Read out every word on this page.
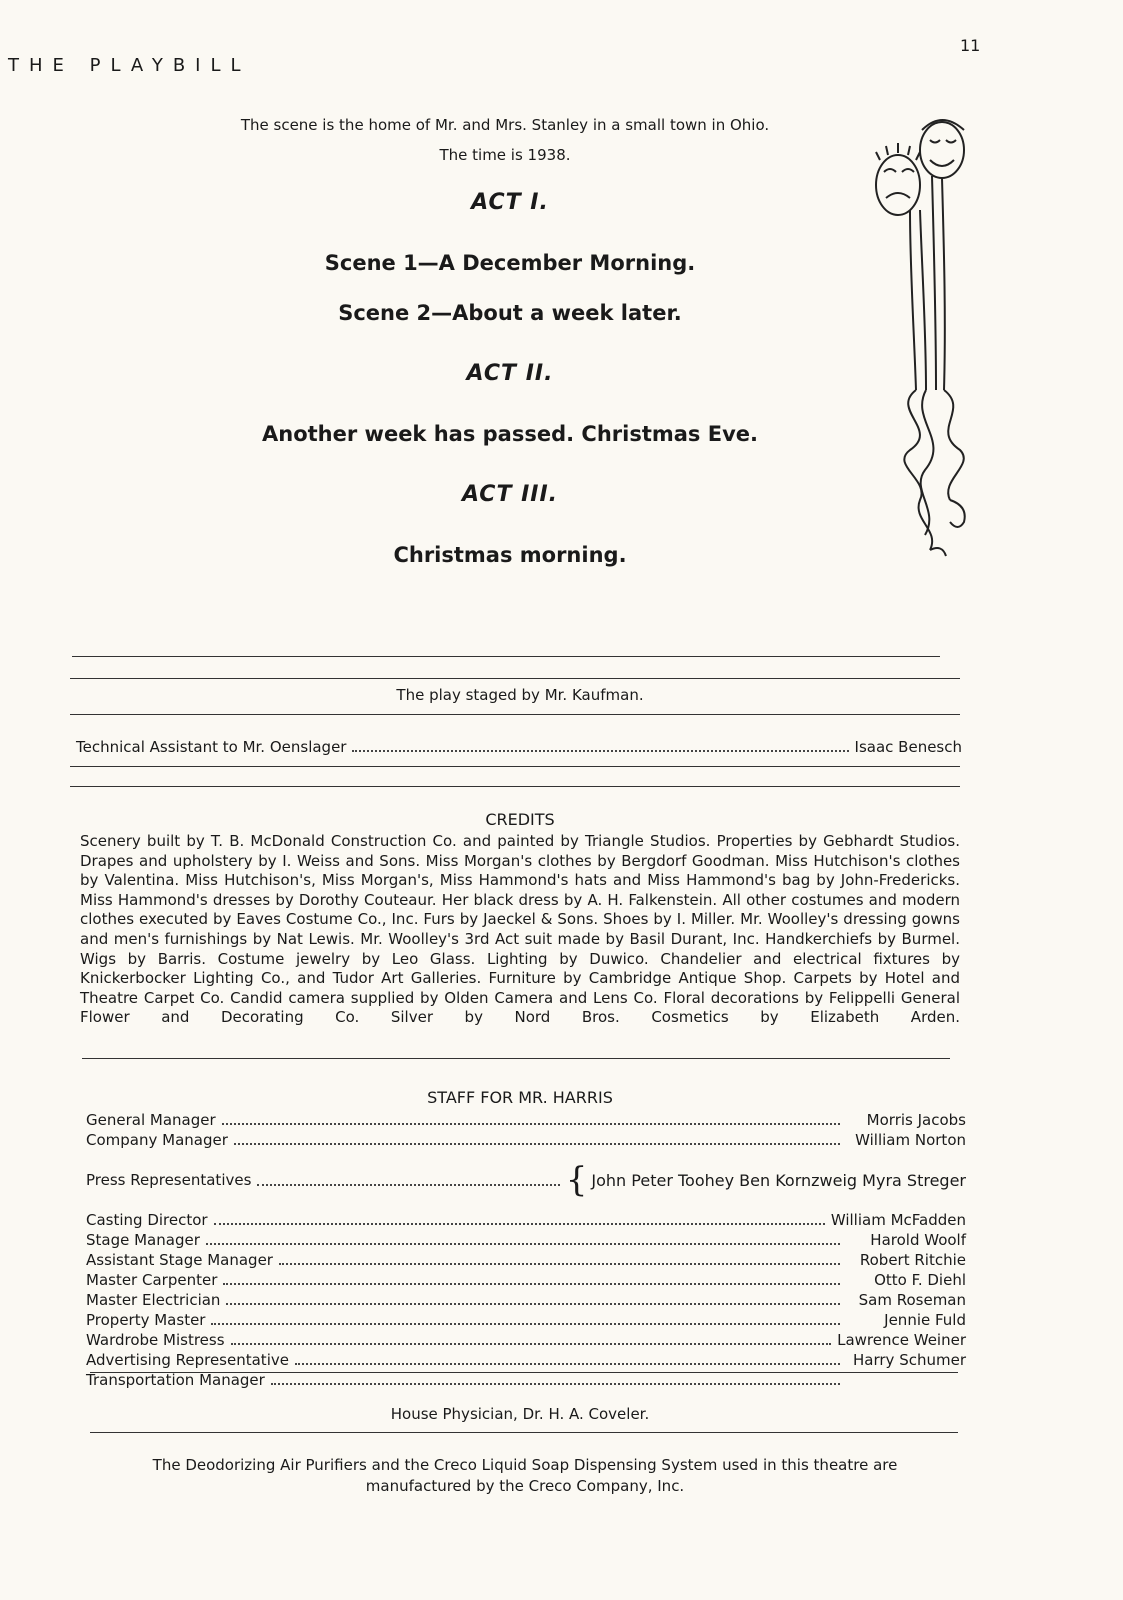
THE PLAYBILL
11
The scene is the home of Mr. and Mrs. Stanley in a small town in Ohio.
The time is 1938.
ACT I.
Scene 1—A December Morning.
Scene 2—About a week later.
ACT II.
Another week has passed. Christmas Eve.
ACT III.
Christmas morning.
The play staged by Mr. Kaufman.
Technical Assistant to Mr. Oenslager	Isaac Benesch
CREDITS
Scenery built by T. B. McDonald Construction Co. and painted by Triangle Studios. Properties by Gebhardt Studios. Drapes and upholstery by I. Weiss and Sons. Miss Morgan's clothes by Bergdorf Goodman. Miss Hutchison's clothes by Valentina. Miss Hutchison's, Miss Morgan's, Miss Hammond's hats and Miss Hammond's bag by John-Fredericks. Miss Hammond's dresses by Dorothy Couteaur. Her black dress by A. H. Falkenstein. All other costumes and modern clothes executed by Eaves Costume Co., Inc. Furs by Jaeckel & Sons. Shoes by I. Miller. Mr. Woolley's dressing gowns and men's furnishings by Nat Lewis. Mr. Woolley's 3rd Act suit made by Basil Durant, Inc. Handkerchiefs by Burmel. Wigs by Barris. Costume jewelry by Leo Glass. Lighting by Duwico. Chandelier and electrical fixtures by Knickerbocker Lighting Co., and Tudor Art Galleries. Furniture by Cambridge Antique Shop. Carpets by Hotel and Theatre Carpet Co. Candid camera supplied by Olden Camera and Lens Co. Floral decorations by Felippelli General Flower and Decorating Co. Silver by Nord Bros. Cosmetics by Elizabeth Arden.
STAFF FOR MR. HARRIS
General Manager	Morris Jacobs
Company Manager	William Norton
Press Representatives	{ John Peter Toohey Ben Kornzweig Myra Streger
Casting Director	William McFadden
Stage Manager	Harold Woolf
Assistant Stage Manager	Robert Ritchie
Master Carpenter	Otto F. Diehl
Master Electrician	Sam Roseman
Property Master	Jennie Fuld
Wardrobe Mistress	Lawrence Weiner
Advertising Representative	Harry Schumer
Transportation Manager
House Physician, Dr. H. A. Coveler.
The Deodorizing Air Purifiers and the Creco Liquid Soap Dispensing System used in this theatre are
manufactured by the Creco Company, Inc.
